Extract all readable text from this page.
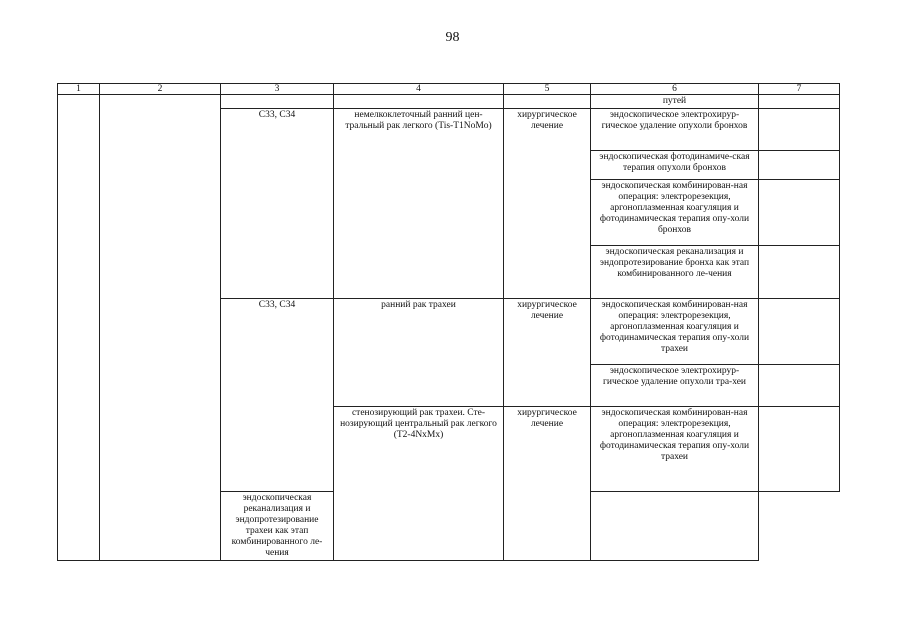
98
1	2	3	4	5	6	7
					путей	
		C33, C34	немелкоклеточный ранний цен-тральный рак легкого (Tis-T1NoMo)	хирургическое лечение	эндоскопическое электрохирур-гическое удаление опухоли бронхов	
					эндоскопическая фотодинамиче-ская терапия опухоли бронхов	
					эндоскопическая комбинирован-ная операция: электрорезекция, аргоноплазменная коагуляция и фотодинамическая терапия опу-холи бронхов	
					эндоскопическая реканализация и эндопротезирование бронха как этап комбинированного ле-чения	
		C33, C34	ранний рак трахеи	хирургическое лечение	эндоскопическая комбинирован-ная операция: электрорезекция, аргоноплазменная коагуляция и фотодинамическая терапия опу-холи трахеи	
					эндоскопическое электрохирур-гическое удаление опухоли тра-хеи	
			стенозирующий рак трахеи. Сте-нозирующий центральный рак легкого (T2-4NxMx)	хирургическое лечение	эндоскопическая комбинирован-ная операция: электрорезекция, аргоноплазменная коагуляция и фотодинамическая терапия опу-холи трахеи	
		эндоскопическая реканализация и эндопротезирование трахеи как этап комбинированного ле-чения				
